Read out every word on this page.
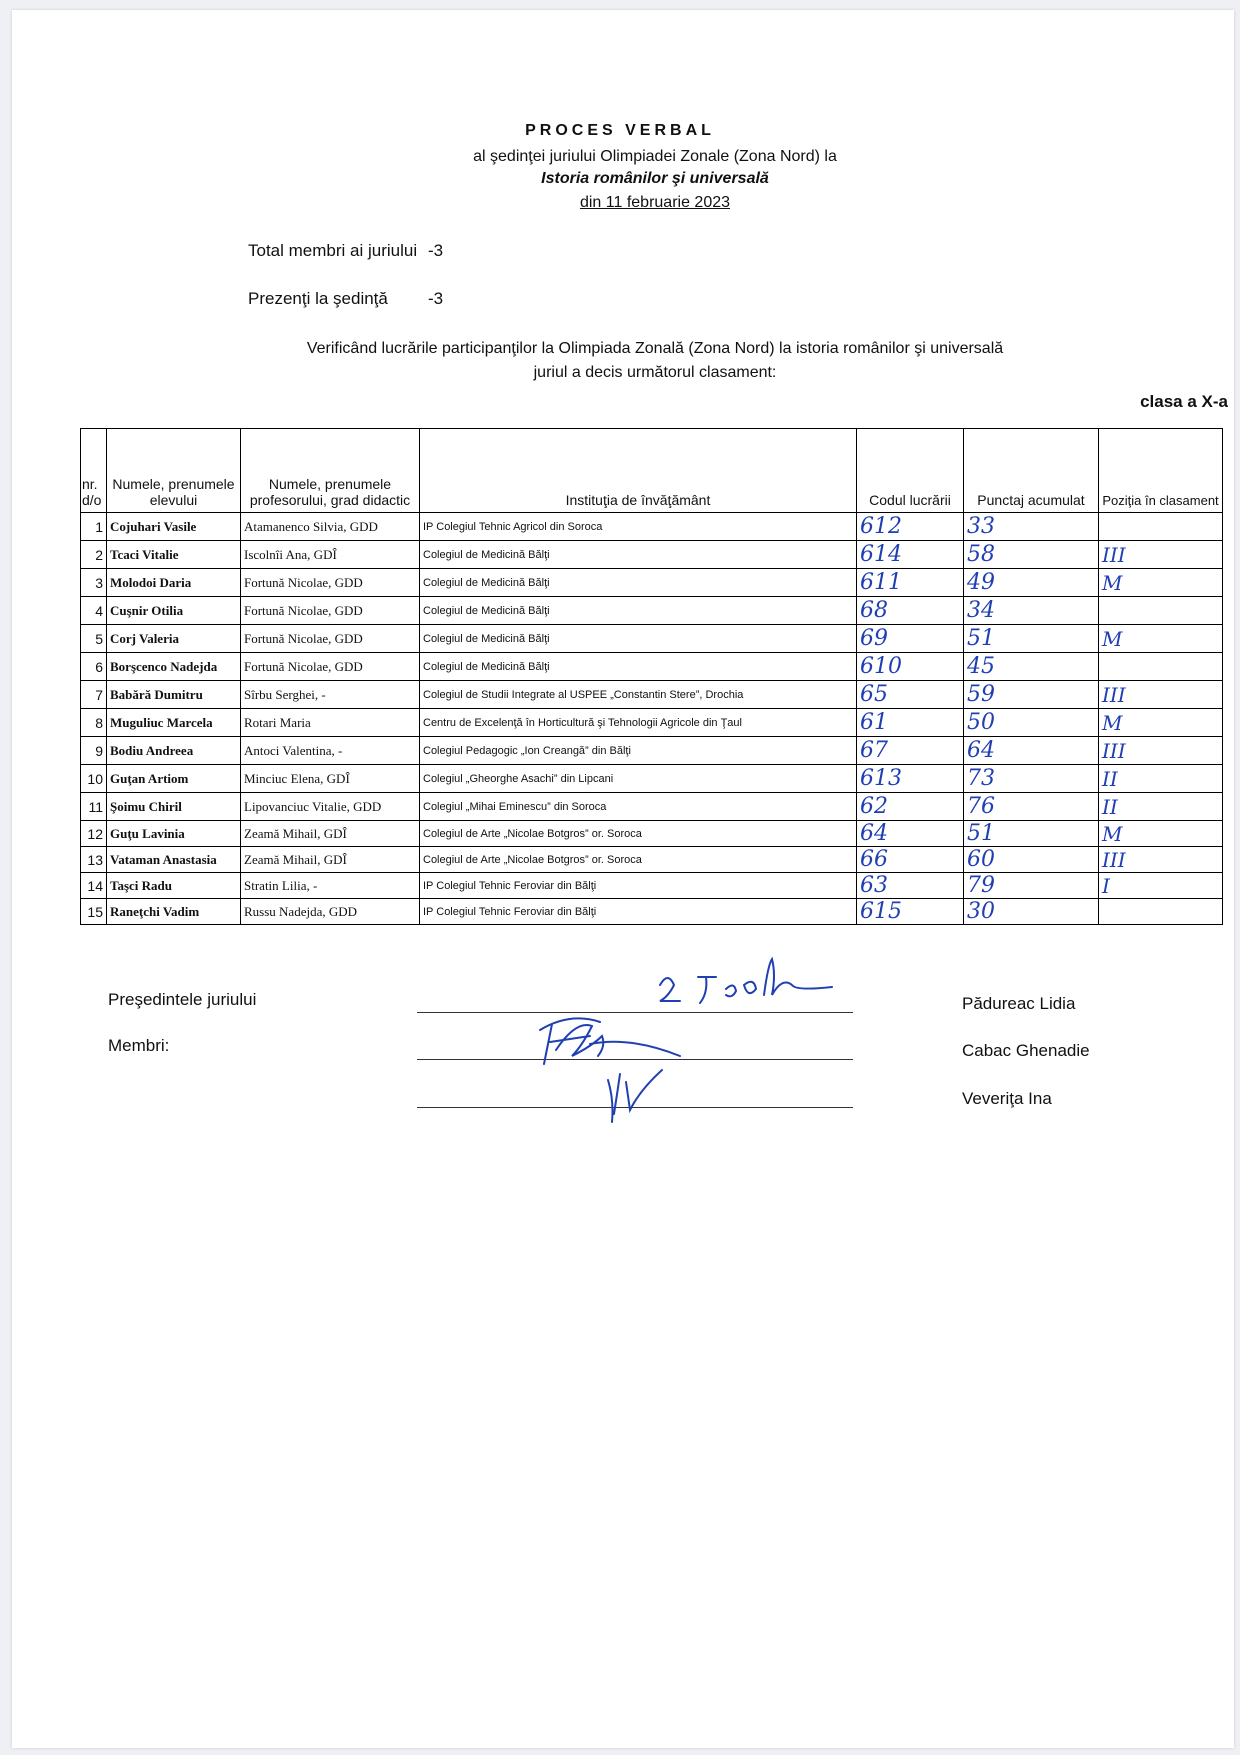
PROCES VERBAL
al şedinţei juriului Olimpiadei Zonale (Zona Nord) la
Istoria românilor şi universală
din 11 februarie 2023
Total membri ai juriului -3
Prezenţi la şedinţă -3
Verificând lucrările participanţilor la Olimpiada Zonală (Zona Nord) la istoria românilor şi universală
juriul a decis următorul clasament:
clasa a X-a
nr. d/o	Numele, prenumele elevului	Numele, prenumele profesorului, grad didactic	Instituţia de învăţământ	Codul lucrării	Punctaj acumulat	Poziţia în clasament
1	Cojuhari Vasile	Atamanenco Silvia, GDD	IP Colegiul Tehnic Agricol din Soroca	612	33	
2	Tcaci Vitalie	Iscolnîi Ana, GDÎ	Colegiul de Medicină Bălţi	614	58	III
3	Molodoi Daria	Fortună Nicolae, GDD	Colegiul de Medicină Bălţi	611	49	M
4	Cuşnir Otilia	Fortună Nicolae, GDD	Colegiul de Medicină Bălţi	68	34	
5	Corj Valeria	Fortună Nicolae, GDD	Colegiul de Medicină Bălţi	69	51	M
6	Borşcenco Nadejda	Fortună Nicolae, GDD	Colegiul de Medicină Bălţi	610	45	
7	Babără Dumitru	Sîrbu Serghei, -	Colegiul de Studii Integrate al USPEE „Constantin Stere”, Drochia	65	59	III
8	Muguliuc Marcela	Rotari Maria	Centru de Excelenţă în Horticultură şi Tehnologii Agricole din Ţaul	61	50	M
9	Bodiu Andreea	Antoci Valentina, -	Colegiul Pedagogic „Ion Creangă” din Bălţi	67	64	III
10	Guţan Artiom	Minciuc Elena, GDÎ	Colegiul „Gheorghe Asachi” din Lipcani	613	73	II
11	Şoimu Chiril	Lipovanciuc Vitalie, GDD	Colegiul „Mihai Eminescu” din Soroca	62	76	II
12	Guţu Lavinia	Zeamă Mihail, GDÎ	Colegiul de Arte „Nicolae Botgros” or. Soroca	64	51	M
13	Vataman Anastasia	Zeamă Mihail, GDÎ	Colegiul de Arte „Nicolae Botgros” or. Soroca	66	60	III
14	Taşci Radu	Stratin Lilia, -	IP Colegiul Tehnic Feroviar din Bălţi	63	79	I
15	Raneţchi Vadim	Russu Nadejda, GDD	IP Colegiul Tehnic Feroviar din Bălţi	615	30	
Preşedintele juriului
Membri:
Pădureac Lidia
Cabac Ghenadie
Veveriţa Ina
